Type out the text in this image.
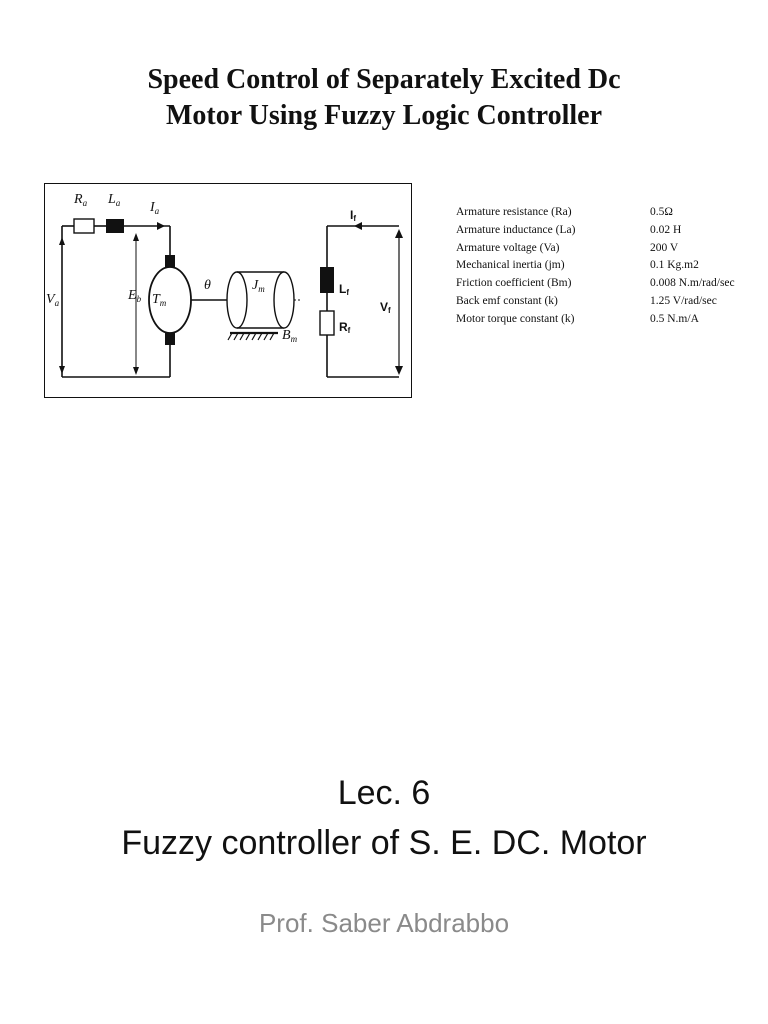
Speed Control of Separately Excited Dc
Motor Using Fuzzy Logic Controller
$R_a$ $L_a$ $I_a$
$V_a$	$E_b$ $T_m$
θ	$J_m$
$B_m$
If
Lf
Rf
Vf
Armature resistance (Ra)	0.5Ω
Armature inductance (La)	0.02 H
Armature voltage (Va)	200 V
Mechanical inertia (jm)	0.1 Kg.m2
Friction coefficient (Bm)	0.008 N.m/rad/sec
Back emf constant (k)	1.25 V/rad/sec
Motor torque constant (k)	0.5 N.m/A
Lec. 6
Fuzzy controller of S. E. DC. Motor
Prof. Saber Abdrabbo
